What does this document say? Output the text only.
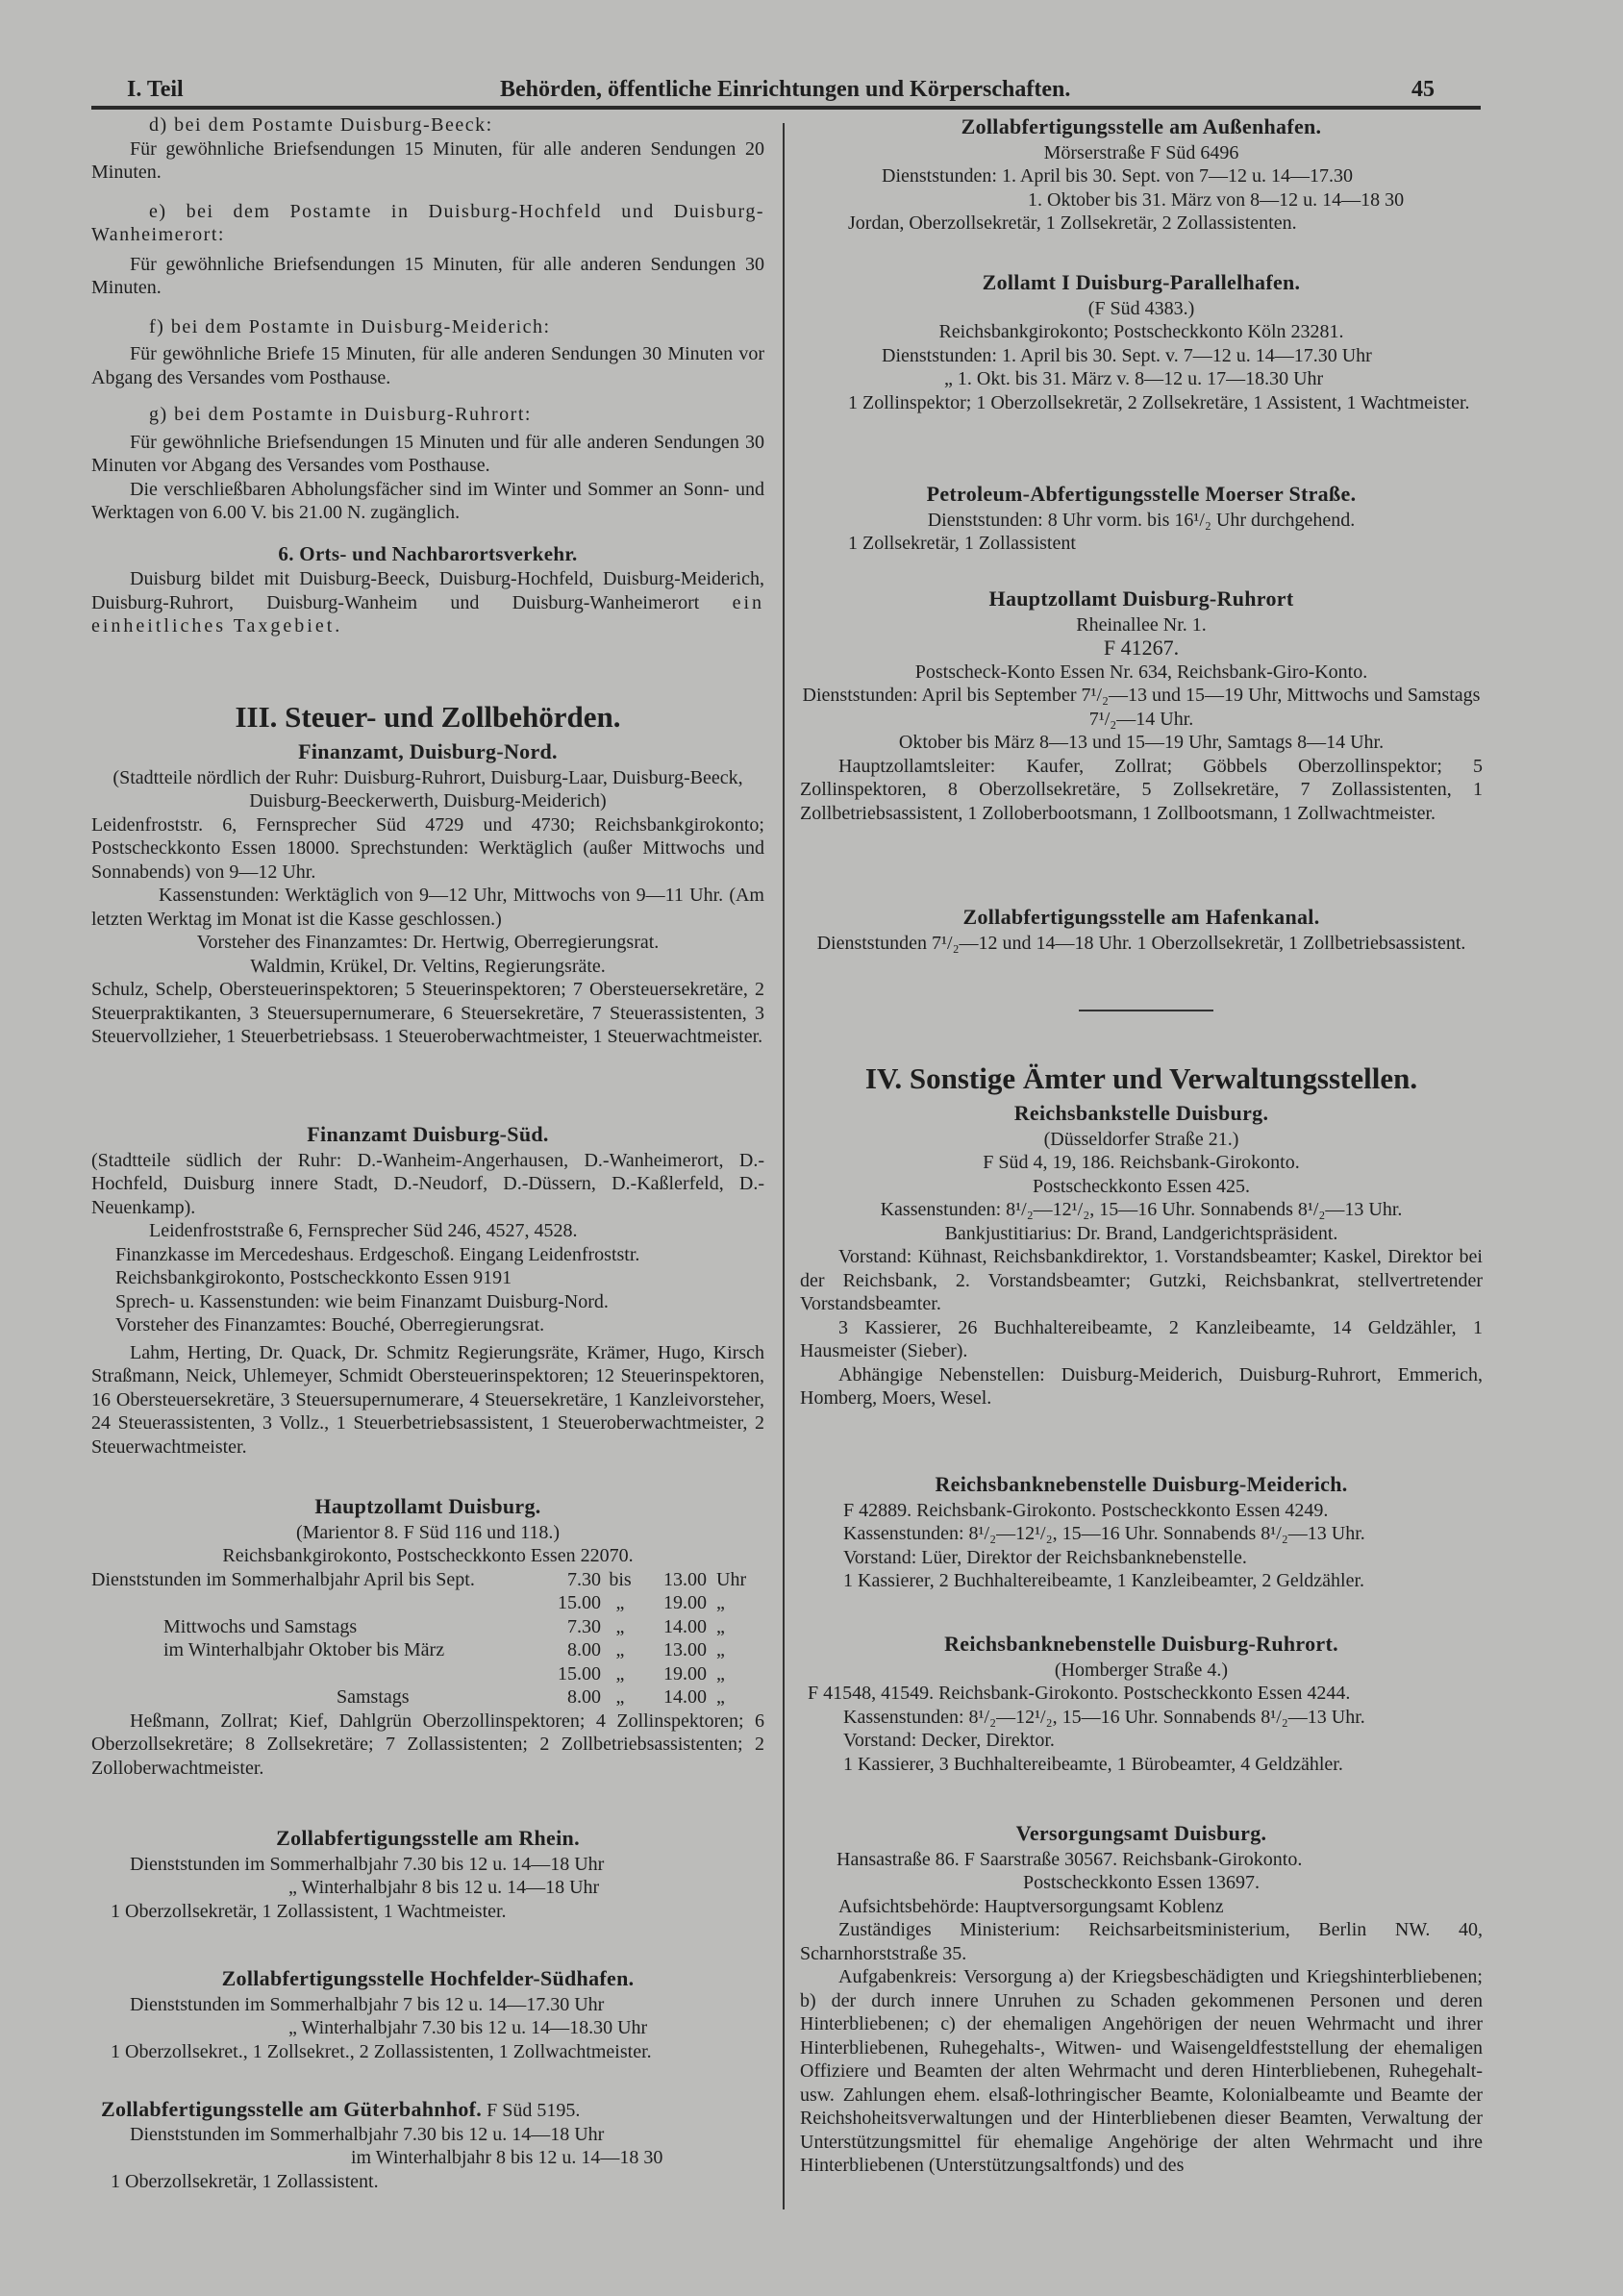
I. Teil	Behörden, öffentliche Einrichtungen und Körperschaften.	45

d) bei dem Postamte Duisburg-Beeck:

Für gewöhnliche Briefsendungen 15 Minuten, für alle anderen Sendungen 20 Minuten.

e) bei dem Postamte in Duisburg-Hochfeld und Duisburg-Wanheimerort:

Für gewöhnliche Briefsendungen 15 Minuten, für alle anderen Sendungen 30 Minuten.

f) bei dem Postamte in Duisburg-Meiderich:

Für gewöhnliche Briefe 15 Minuten, für alle anderen Sendungen 30 Minuten vor Abgang des Versandes vom Posthause.

g) bei dem Postamte in Duisburg-Ruhrort:

Für gewöhnliche Briefsendungen 15 Minuten und für alle anderen Sendungen 30 Minuten vor Abgang des Versandes vom Posthause.

Die verschließbaren Abholungsfächer sind im Winter und Sommer an Sonn- und Werktagen von 6.00 V. bis 21.00 N. zugänglich.

6. Orts- und Nachbarortsverkehr.

Duisburg bildet mit Duisburg-Beeck, Duisburg-Hochfeld, Duisburg-Meiderich, Duisburg-Ruhrort, Duisburg-Wanheim und Duisburg-Wanheimerort ein einheitliches Taxgebiet.

III. Steuer- und Zollbehörden.

Finanzamt, Duisburg-Nord.

(Stadtteile nördlich der Ruhr: Duisburg-Ruhrort, Duisburg-Laar, Duisburg-Beeck, Duisburg-Beeckerwerth, Duisburg-Meiderich)

Leidenfroststr. 6, Fernsprecher Süd 4729 und 4730; Reichsbankgirokonto; Postscheckkonto Essen 18000. Sprechstunden: Werktäglich (außer Mittwochs und Sonnabends) von 9—12 Uhr.

Kassenstunden: Werktäglich von 9—12 Uhr, Mittwochs von 9—11 Uhr. (Am letzten Werktag im Monat ist die Kasse geschlossen.)

Vorsteher des Finanzamtes: Dr. Hertwig, Oberregierungsrat.

Waldmin, Krükel, Dr. Veltins, Regierungsräte.

Schulz, Schelp, Obersteuerinspektoren; 5 Steuerinspektoren; 7 Obersteuersekretäre, 2 Steuerpraktikanten, 3 Steuersupernumerare, 6 Steuersekretäre, 7 Steuerassistenten, 3 Steuervollzieher, 1 Steuerbetriebsass. 1 Steueroberwachtmeister, 1 Steuerwachtmeister.

Finanzamt Duisburg-Süd.

(Stadtteile südlich der Ruhr: D.-Wanheim-Angerhausen, D.-Wanheimerort, D.-Hochfeld, Duisburg innere Stadt, D.-Neudorf, D.-Düssern, D.-Kaßlerfeld, D.-Neuenkamp).

Leidenfroststraße 6, Fernsprecher Süd 246, 4527, 4528.

Finanzkasse im Mercedeshaus. Erdgeschoß. Eingang Leidenfroststr.

Reichsbankgirokonto, Postscheckkonto Essen 9191

Sprech- u. Kassenstunden: wie beim Finanzamt Duisburg-Nord.

Vorsteher des Finanzamtes: Bouché, Oberregierungsrat.

Lahm, Herting, Dr. Quack, Dr. Schmitz Regierungsräte, Krämer, Hugo, Kirsch Straßmann, Neick, Uhlemeyer, Schmidt Obersteuerinspektoren; 12 Steuerinspektoren, 16 Obersteuersekretäre, 3 Steuersupernumerare, 4 Steuersekretäre, 1 Kanzleivorsteher, 24 Steuerassistenten, 3 Vollz., 1 Steuerbetriebsassistent, 1 Steueroberwachtmeister, 2 Steuerwachtmeister.

Hauptzollamt Duisburg.

(Marientor 8. F Süd 116 und 118.)

Reichsbankgirokonto, Postscheckkonto Essen 22070.

Dienststunden im Sommerhalbjahr April bis Sept.	7.30	bis	13.00	Uhr
	15.00	„	19.00	„
Mittwochs und Samstags	7.30	„	14.00	„
im Winterhalbjahr Oktober bis März	8.00	„	13.00	„
	15.00	„	19.00	„
Samstags	8.00	„	14.00	„

Heßmann, Zollrat; Kief, Dahlgrün Oberzollinspektoren; 4 Zollinspektoren; 6 Oberzollsekretäre; 8 Zollsekretäre; 7 Zollassistenten; 2 Zollbetriebsassistenten; 2 Zolloberwachtmeister.

Zollabfertigungsstelle am Rhein.

Dienststunden im Sommerhalbjahr 7.30 bis 12 u. 14—18 Uhr

„ Winterhalbjahr 8 bis 12 u. 14—18 Uhr

1 Oberzollsekretär, 1 Zollassistent, 1 Wachtmeister.

Zollabfertigungsstelle Hochfelder-Südhafen.

Dienststunden im Sommerhalbjahr 7 bis 12 u. 14—17.30 Uhr

„ Winterhalbjahr 7.30 bis 12 u. 14—18.30 Uhr

1 Oberzollsekret., 1 Zollsekret., 2 Zollassistenten, 1 Zollwachtmeister.

Zollabfertigungsstelle am Güterbahnhof. F Süd 5195.

Dienststunden im Sommerhalbjahr 7.30 bis 12 u. 14—18 Uhr

im Winterhalbjahr 8 bis 12 u. 14—18 30

1 Oberzollsekretär, 1 Zollassistent.

Zollabfertigungsstelle am Außenhafen.

Mörserstraße F Süd 6496

Dienststunden: 1. April bis 30. Sept. von 7—12 u. 14—17.30

1. Oktober bis 31. März von 8—12 u. 14—18 30

Jordan, Oberzollsekretär, 1 Zollsekretär, 2 Zollassistenten.

Zollamt I Duisburg-Parallelhafen.

(F Süd 4383.)

Reichsbankgirokonto; Postscheckkonto Köln 23281.

Dienststunden: 1. April bis 30. Sept. v. 7—12 u. 14—17.30 Uhr

„ 1. Okt. bis 31. März v. 8—12 u. 17—18.30 Uhr

1 Zollinspektor; 1 Oberzollsekretär, 2 Zollsekretäre, 1 Assistent, 1 Wachtmeister.

Petroleum-Abfertigungsstelle Moerser Straße.

Dienststunden: 8 Uhr vorm. bis 16¹/₂ Uhr durchgehend.

1 Zollsekretär, 1 Zollassistent

Hauptzollamt Duisburg-Ruhrort

Rheinallee Nr. 1.

F 41267.

Postscheck-Konto Essen Nr. 634, Reichsbank-Giro-Konto.

Dienststunden: April bis September 7¹/₂—13 und 15—19 Uhr, Mittwochs und Samstags 7¹/₂—14 Uhr.

Oktober bis März 8—13 und 15—19 Uhr, Samtags 8—14 Uhr.

Hauptzollamtsleiter: Kaufer, Zollrat; Göbbels Oberzollinspektor; 5 Zollinspektoren, 8 Oberzollsekretäre, 5 Zollsekretäre, 7 Zollassistenten, 1 Zollbetriebsassistent, 1 Zolloberbootsmann, 1 Zollbootsmann, 1 Zollwachtmeister.

Zollabfertigungsstelle am Hafenkanal.

Dienststunden 7¹/₂—12 und 14—18 Uhr. 1 Oberzollsekretär, 1 Zollbetriebsassistent.

IV. Sonstige Ämter und Verwaltungsstellen.

Reichsbankstelle Duisburg.

(Düsseldorfer Straße 21.)

F Süd 4, 19, 186. Reichsbank-Girokonto.

Postscheckkonto Essen 425.

Kassenstunden: 8¹/₂—12¹/₂, 15—16 Uhr. Sonnabends 8¹/₂—13 Uhr.

Bankjustitiarius: Dr. Brand, Landgerichtspräsident.

Vorstand: Kühnast, Reichsbankdirektor, 1. Vorstandsbeamter; Kaskel, Direktor bei der Reichsbank, 2. Vorstandsbeamter; Gutzki, Reichsbankrat, stellvertretender Vorstandsbeamter.

3 Kassierer, 26 Buchhaltereibeamte, 2 Kanzleibeamte, 14 Geldzähler, 1 Hausmeister (Sieber).

Abhängige Nebenstellen: Duisburg-Meiderich, Duisburg-Ruhrort, Emmerich, Homberg, Moers, Wesel.

Reichsbanknebenstelle Duisburg-Meiderich.

F 42889. Reichsbank-Girokonto. Postscheckkonto Essen 4249.

Kassenstunden: 8¹/₂—12¹/₂, 15—16 Uhr. Sonnabends 8¹/₂—13 Uhr.

Vorstand: Lüer, Direktor der Reichsbanknebenstelle.

1 Kassierer, 2 Buchhaltereibeamte, 1 Kanzleibeamter, 2 Geldzähler.

Reichsbanknebenstelle Duisburg-Ruhrort.

(Homberger Straße 4.)

F 41548, 41549. Reichsbank-Girokonto. Postscheckkonto Essen 4244.

Kassenstunden: 8¹/₂—12¹/₂, 15—16 Uhr. Sonnabends 8¹/₂—13 Uhr.

Vorstand: Decker, Direktor.

1 Kassierer, 3 Buchhaltereibeamte, 1 Bürobeamter, 4 Geldzähler.

Versorgungsamt Duisburg.

Hansastraße 86. F Saarstraße 30567. Reichsbank-Girokonto.

Postscheckkonto Essen 13697.

Aufsichtsbehörde: Hauptversorgungsamt Koblenz

Zuständiges Ministerium: Reichsarbeitsministerium, Berlin NW. 40, Scharnhorststraße 35.

Aufgabenkreis: Versorgung a) der Kriegsbeschädigten und Kriegshinterbliebenen; b) der durch innere Unruhen zu Schaden gekommenen Personen und deren Hinterbliebenen; c) der ehemaligen Angehörigen der neuen Wehrmacht und ihrer Hinterbliebenen, Ruhegehalts-, Witwen- und Waisengeldfeststellung der ehemaligen Offiziere und Beamten der alten Wehrmacht und deren Hinterbliebenen, Ruhegehalt- usw. Zahlungen ehem. elsaß-lothringischer Beamte, Kolonialbeamte und Beamte der Reichshoheitsverwaltungen und der Hinterbliebenen dieser Beamten, Verwaltung der Unterstützungsmittel für ehemalige Angehörige der alten Wehrmacht und ihre Hinterbliebenen (Unterstützungsaltfonds) und des
